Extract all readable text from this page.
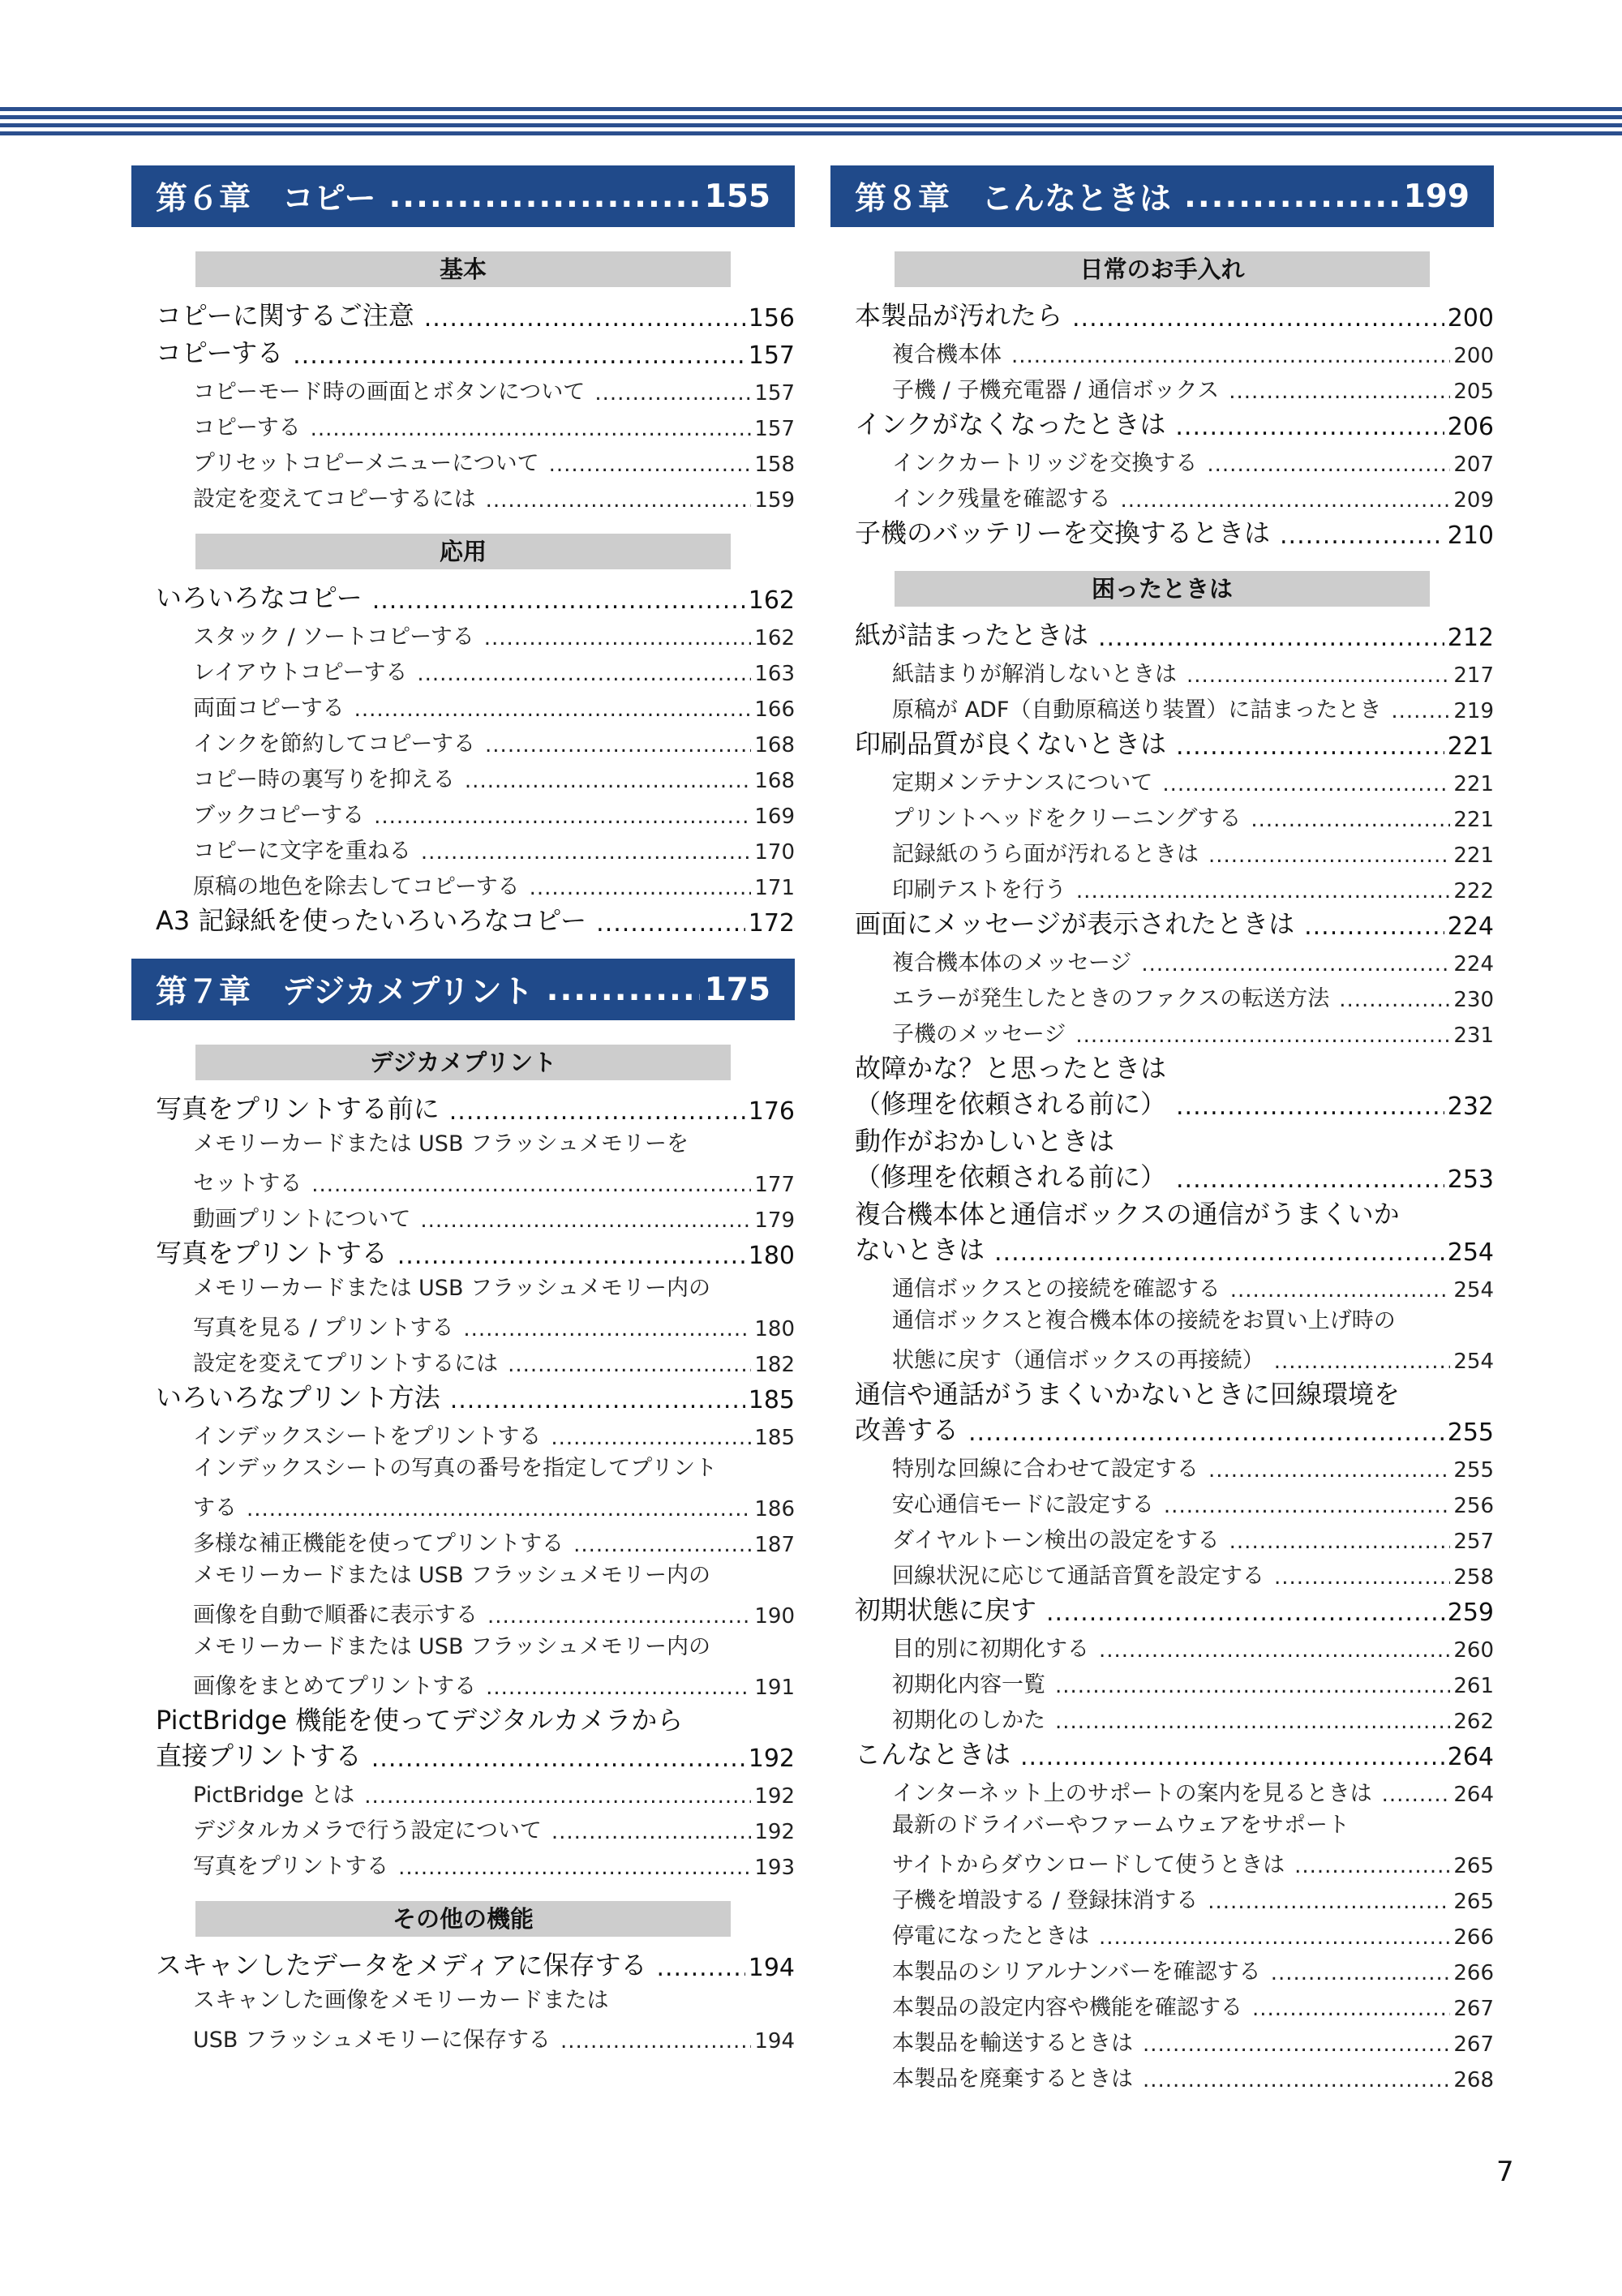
第６章　コピー .....	155
基本
コピーに関するご注意 .....	156
コピーする .....	157
コピーモード時の画面とボタンについて .....	157
コピーする .....	157
プリセットコピーメニューについて .....	158
設定を変えてコピーするには .....	159
応用
いろいろなコピー .....	162
スタック / ソートコピーする .....	162
レイアウトコピーする .....	163
両面コピーする .....	166
インクを節約してコピーする .....	168
コピー時の裏写りを抑える .....	168
ブックコピーする .....	169
コピーに文字を重ねる .....	170
原稿の地色を除去してコピーする .....	171
A3 記録紙を使ったいろいろなコピー .....	172
第７章　デジカメプリント .....	175
デジカメプリント
写真をプリントする前に .....	176
メモリーカードまたは USB フラッシュメモリーを
セットする .....	177
動画プリントについて .....	179
写真をプリントする .....	180
メモリーカードまたは USB フラッシュメモリー内の
写真を見る / プリントする .....	180
設定を変えてプリントするには .....	182
いろいろなプリント方法 .....	185
インデックスシートをプリントする .....	185
インデックスシートの写真の番号を指定してプリント
する .....	186
多様な補正機能を使ってプリントする .....	187
メモリーカードまたは USB フラッシュメモリー内の
画像を自動で順番に表示する .....	190
メモリーカードまたは USB フラッシュメモリー内の
画像をまとめてプリントする .....	191
PictBridge 機能を使ってデジタルカメラから
直接プリントする .....	192
PictBridge とは .....	192
デジタルカメラで行う設定について .....	192
写真をプリントする .....	193
その他の機能
スキャンしたデータをメディアに保存する .....	194
スキャンした画像をメモリーカードまたは
USB フラッシュメモリーに保存する .....	194
第８章　こんなときは .....	199
日常のお手入れ
本製品が汚れたら .....	200
複合機本体 .....	200
子機 / 子機充電器 / 通信ボックス .....	205
インクがなくなったときは .....	206
インクカートリッジを交換する .....	207
インク残量を確認する .....	209
子機のバッテリーを交換するときは .....	210
困ったときは
紙が詰まったときは .....	212
紙詰まりが解消しないときは .....	217
原稿が ADF（自動原稿送り装置）に詰まったとき .....	219
印刷品質が良くないときは .....	221
定期メンテナンスについて .....	221
プリントヘッドをクリーニングする .....	221
記録紙のうら面が汚れるときは .....	221
印刷テストを行う .....	222
画面にメッセージが表示されたときは .....	224
複合機本体のメッセージ .....	224
エラーが発生したときのファクスの転送方法 .....	230
子機のメッセージ .....	231
故障かな？と思ったときは
（修理を依頼される前に） .....	232
動作がおかしいときは
（修理を依頼される前に） .....	253
複合機本体と通信ボックスの通信がうまくいか
ないときは .....	254
通信ボックスとの接続を確認する .....	254
通信ボックスと複合機本体の接続をお買い上げ時の
状態に戻す（通信ボックスの再接続） .....	254
通信や通話がうまくいかないときに回線環境を
改善する .....	255
特別な回線に合わせて設定する .....	255
安心通信モードに設定する .....	256
ダイヤルトーン検出の設定をする .....	257
回線状況に応じて通話音質を設定する .....	258
初期状態に戻す .....	259
目的別に初期化する .....	260
初期化内容一覧 .....	261
初期化のしかた .....	262
こんなときは .....	264
インターネット上のサポートの案内を見るときは .....	264
最新のドライバーやファームウェアをサポート
サイトからダウンロードして使うときは .....	265
子機を増設する / 登録抹消する .....	265
停電になったときは .....	266
本製品のシリアルナンバーを確認する .....	266
本製品の設定内容や機能を確認する .....	267
本製品を輸送するときは .....	267
本製品を廃棄するときは .....	268
7
